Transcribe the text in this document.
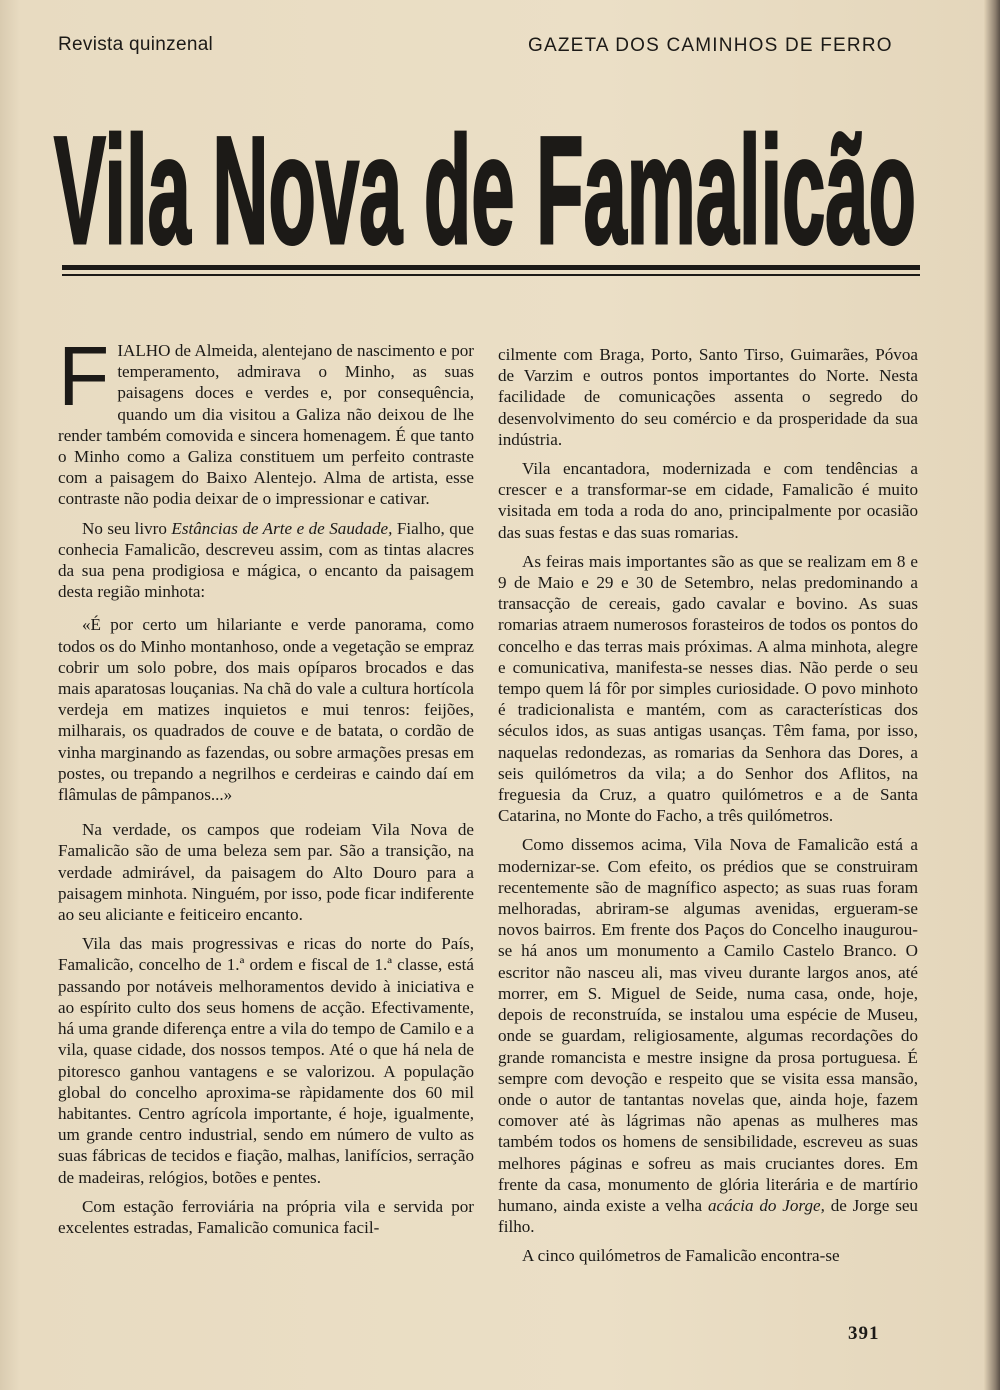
Revista quinzenal	GAZETA DOS CAMINHOS DE FERRO
Vila Nova de Famalicão

FIALHO de Almeida, alentejano de nascimento e por temperamento, admirava o Minho, as suas paisagens doces e verdes e, por consequência, quando um dia visitou a Galiza não deixou de lhe render também comovida e sincera homenagem. É que tanto o Minho como a Galiza constituem um perfeito contraste com a paisagem do Baixo Alentejo. Alma de artista, esse contraste não podia deixar de o impressionar e cativar.

No seu livro Estâncias de Arte e de Saudade, Fialho, que conhecia Famalicão, descreveu assim, com as tintas alacres da sua pena prodigiosa e mágica, o encanto da paisagem desta região minhota:

«É por certo um hilariante e verde panorama, como todos os do Minho montanhoso, onde a vegetação se empraz cobrir um solo pobre, dos mais opíparos brocados e das mais aparatosas louçanias. Na chã do vale a cultura hortícola verdeja em matizes inquietos e mui tenros: feijões, milharais, os quadrados de couve e de batata, o cordão de vinha marginando as fazendas, ou sobre armações presas em postes, ou trepando a negrilhos e cerdeiras e caindo daí em flâmulas de pâmpanos...»

Na verdade, os campos que rodeiam Vila Nova de Famalicão são de uma beleza sem par. São a transição, na verdade admirável, da paisagem do Alto Douro para a paisagem minhota. Ninguém, por isso, pode ficar indiferente ao seu aliciante e feiticeiro encanto.

Vila das mais progressivas e ricas do norte do País, Famalicão, concelho de 1.ª ordem e fiscal de 1.ª classe, está passando por notáveis melhoramentos devido à iniciativa e ao espírito culto dos seus homens de acção. Efectivamente, há uma grande diferença entre a vila do tempo de Camilo e a vila, quase cidade, dos nossos tempos. Até o que há nela de pitoresco ganhou vantagens e se valorizou. A população global do concelho aproxima-se ràpidamente dos 60 mil habitantes. Centro agrícola importante, é hoje, igualmente, um grande centro industrial, sendo em número de vulto as suas fábricas de tecidos e fiação, malhas, lanifícios, serração de madeiras, relógios, botões e pentes.

Com estação ferroviária na própria vila e servida por excelentes estradas, Famalicão comunica facil-

cilmente com Braga, Porto, Santo Tirso, Guimarães, Póvoa de Varzim e outros pontos importantes do Norte. Nesta facilidade de comunicações assenta o segredo do desenvolvimento do seu comércio e da prosperidade da sua indústria.

Vila encantadora, modernizada e com tendências a crescer e a transformar-se em cidade, Famalicão é muito visitada em toda a roda do ano, principalmente por ocasião das suas festas e das suas romarias.

As feiras mais importantes são as que se realizam em 8 e 9 de Maio e 29 e 30 de Setembro, nelas predominando a transacção de cereais, gado cavalar e bovino. As suas romarias atraem numerosos forasteiros de todos os pontos do concelho e das terras mais próximas. A alma minhota, alegre e comunicativa, manifesta-se nesses dias. Não perde o seu tempo quem lá fôr por simples curiosidade. O povo minhoto é tradicionalista e mantém, com as características dos séculos idos, as suas antigas usanças. Têm fama, por isso, naquelas redondezas, as romarias da Senhora das Dores, a seis quilómetros da vila; a do Senhor dos Aflitos, na freguesia da Cruz, a quatro quilómetros e a de Santa Catarina, no Monte do Facho, a três quilómetros.

Como dissemos acima, Vila Nova de Famalicão está a modernizar-se. Com efeito, os prédios que se construiram recentemente são de magnífico aspecto; as suas ruas foram melhoradas, abriram-se algumas avenidas, ergueram-se novos bairros. Em frente dos Paços do Concelho inaugurou-se há anos um monumento a Camilo Castelo Branco. O escritor não nasceu ali, mas viveu durante largos anos, até morrer, em S. Miguel de Seide, numa casa, onde, hoje, depois de reconstruída, se instalou uma espécie de Museu, onde se guardam, religiosamente, algumas recordações do grande romancista e mestre insigne da prosa portuguesa. É sempre com devoção e respeito que se visita essa mansão, onde o autor de tantantas novelas que, ainda hoje, fazem comover até às lágrimas não apenas as mulheres mas também todos os homens de sensibilidade, escreveu as suas melhores páginas e sofreu as mais cruciantes dores. Em frente da casa, monumento de glória literária e de martírio humano, ainda existe a velha acácia do Jorge, de Jorge seu filho.

A cinco quilómetros de Famalicão encontra-se

391
